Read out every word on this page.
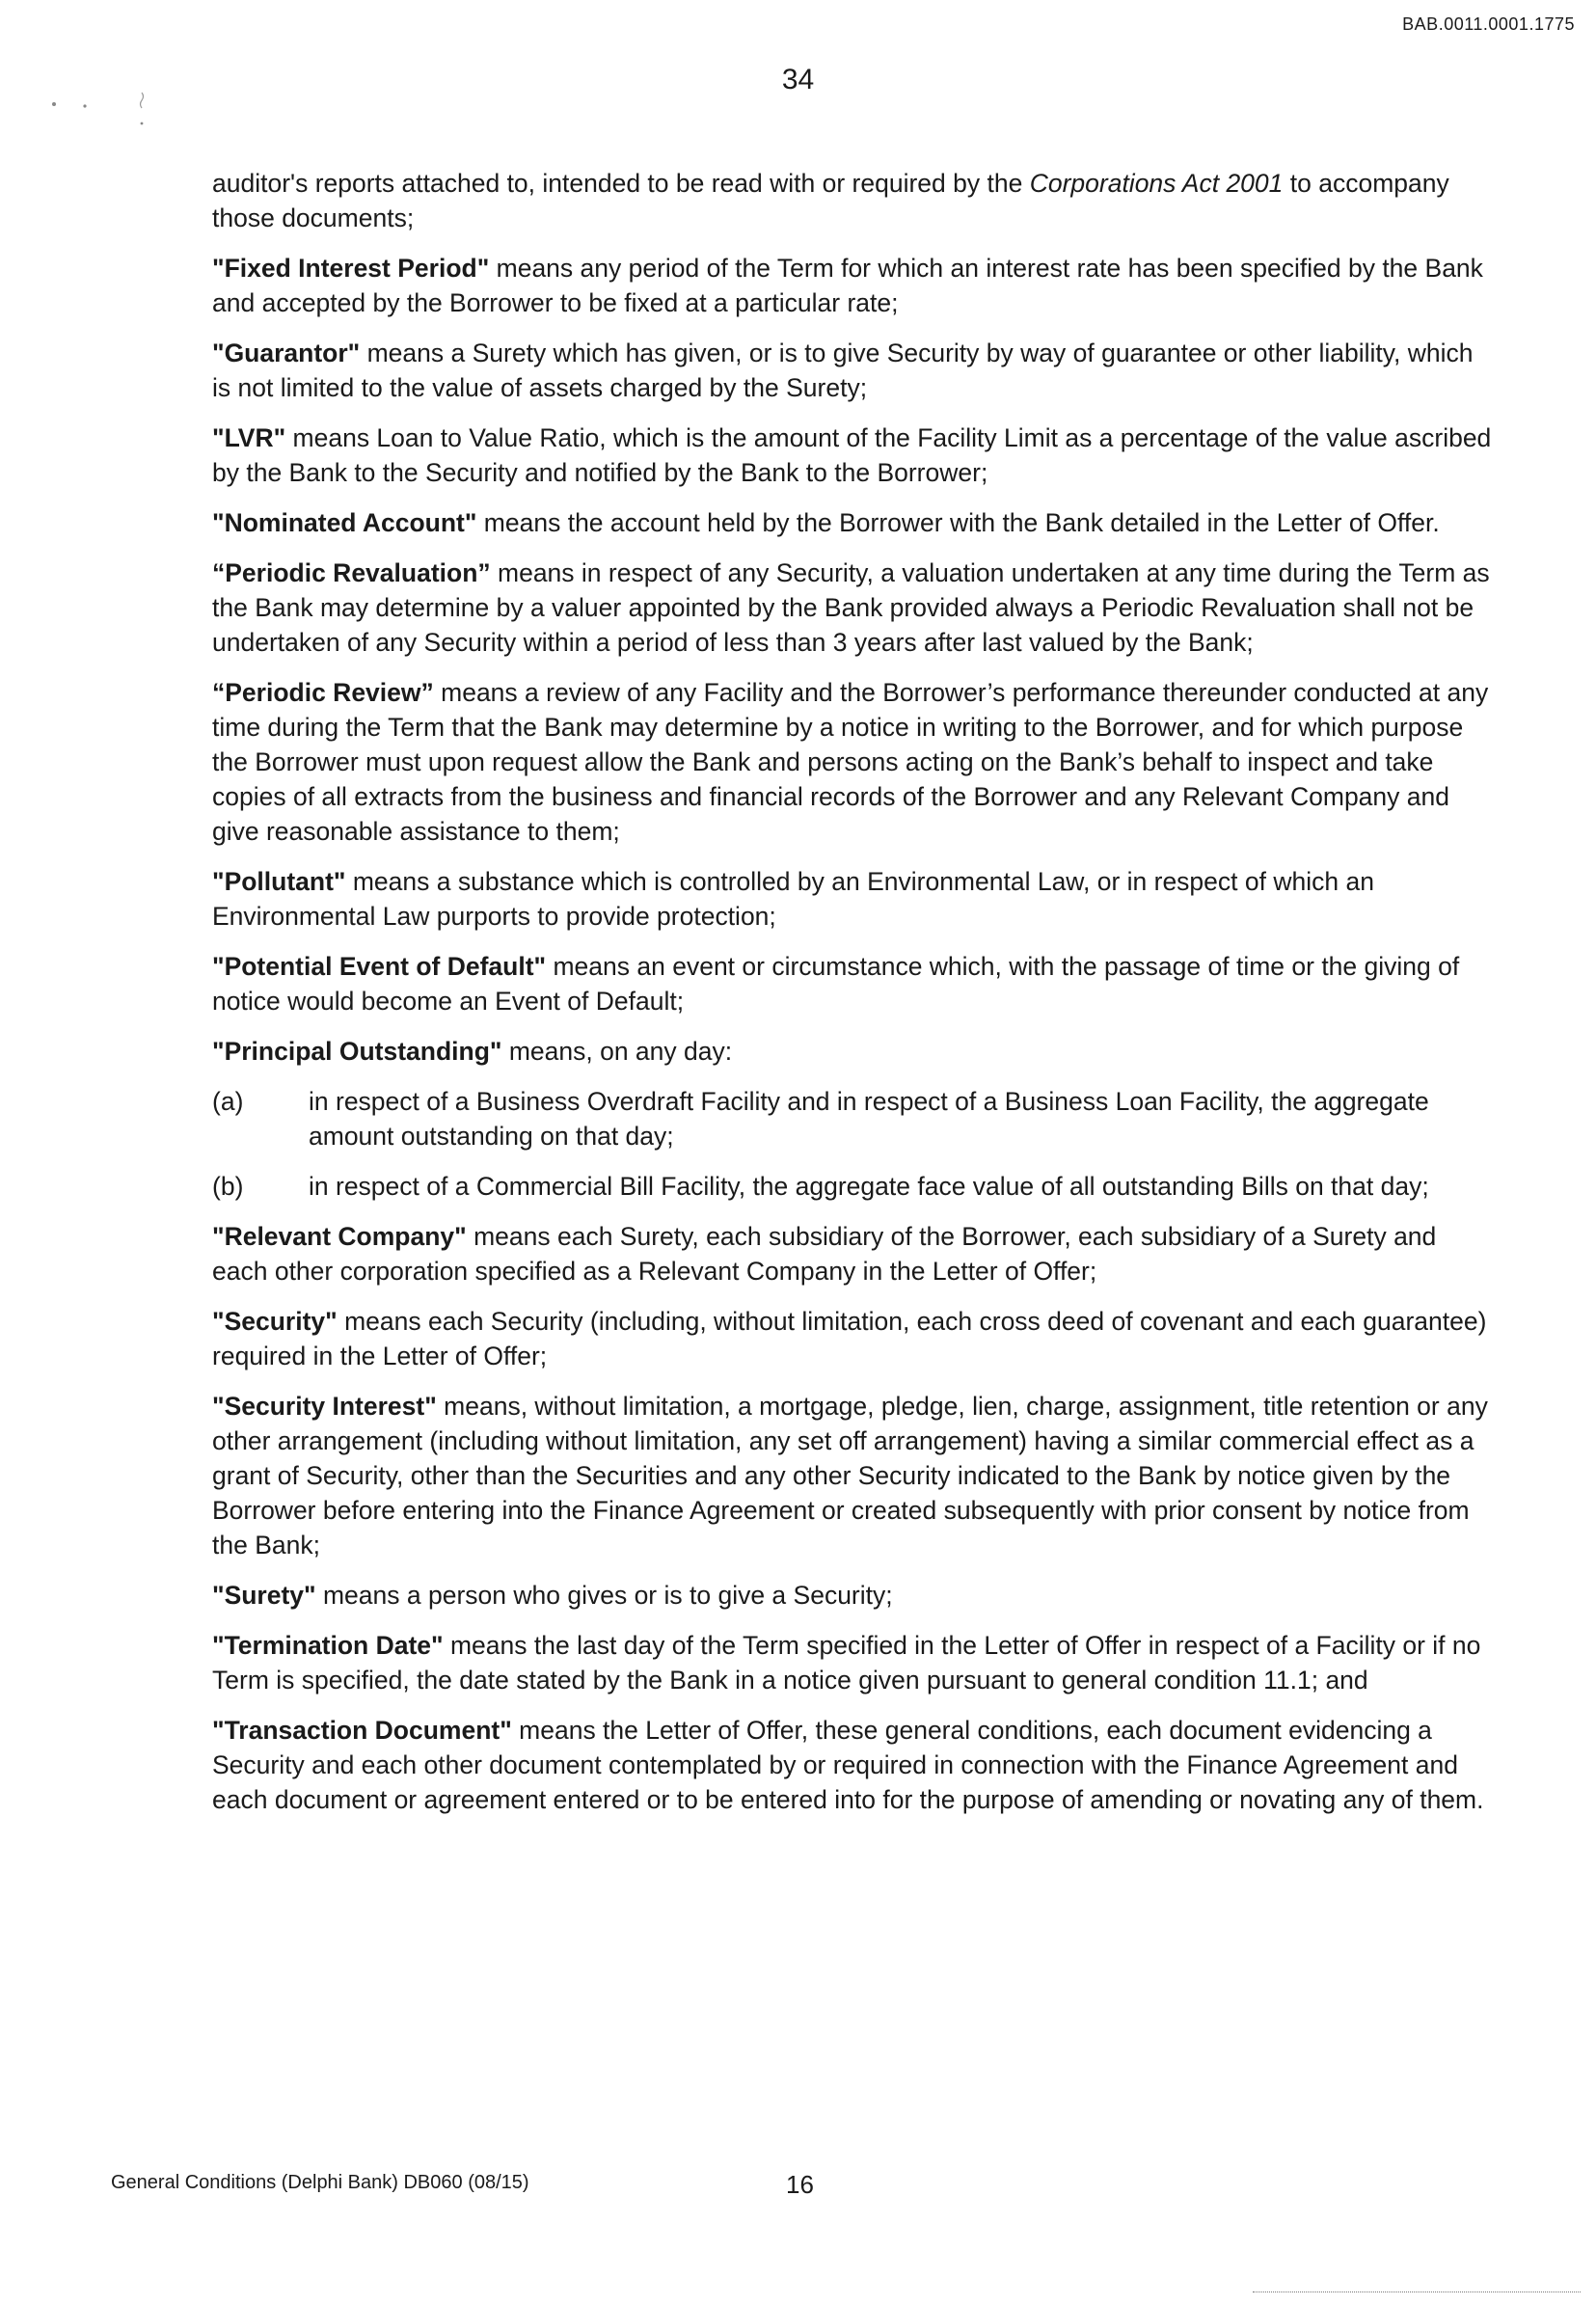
BAB.0011.0001.1775
34

auditor's reports attached to, intended to be read with or required by the Corporations Act 2001 to accompany those documents;

"Fixed Interest Period" means any period of the Term for which an interest rate has been specified by the Bank and accepted by the Borrower to be fixed at a particular rate;

"Guarantor" means a Surety which has given, or is to give Security by way of guarantee or other liability, which is not limited to the value of assets charged by the Surety;

"LVR" means Loan to Value Ratio, which is the amount of the Facility Limit as a percentage of the value ascribed by the Bank to the Security and notified by the Bank to the Borrower;

"Nominated Account" means the account held by the Borrower with the Bank detailed in the Letter of Offer.

“Periodic Revaluation” means in respect of any Security, a valuation undertaken at any time during the Term as the Bank may determine by a valuer appointed by the Bank provided always a Periodic Revaluation shall not be undertaken of any Security within a period of less than 3 years after last valued by the Bank;

“Periodic Review” means a review of any Facility and the Borrower’s performance thereunder conducted at any time during the Term that the Bank may determine by a notice in writing to the Borrower, and for which purpose the Borrower must upon request allow the Bank and persons acting on the Bank’s behalf to inspect and take copies of all extracts from the business and financial records of the Borrower and any Relevant Company and give reasonable assistance to them;

"Pollutant" means a substance which is controlled by an Environmental Law, or in respect of which an Environmental Law purports to provide protection;

"Potential Event of Default" means an event or circumstance which, with the passage of time or the giving of notice would become an Event of Default;

"Principal Outstanding" means, on any day:

(a)	in respect of a Business Overdraft Facility and in respect of a Business Loan Facility, the aggregate amount outstanding on that day;
(b)	in respect of a Commercial Bill Facility, the aggregate face value of all outstanding Bills on that day;

"Relevant Company" means each Surety, each subsidiary of the Borrower, each subsidiary of a Surety and each other corporation specified as a Relevant Company in the Letter of Offer;

"Security" means each Security (including, without limitation, each cross deed of covenant and each guarantee) required in the Letter of Offer;

"Security Interest" means, without limitation, a mortgage, pledge, lien, charge, assignment, title retention or any other arrangement (including without limitation, any set off arrangement) having a similar commercial effect as a grant of Security, other than the Securities and any other Security indicated to the Bank by notice given by the Borrower before entering into the Finance Agreement or created subsequently with prior consent by notice from the Bank;

"Surety" means a person who gives or is to give a Security;

"Termination Date" means the last day of the Term specified in the Letter of Offer in respect of a Facility or if no Term is specified, the date stated by the Bank in a notice given pursuant to general condition 11.1; and

"Transaction Document" means the Letter of Offer, these general conditions, each document evidencing a Security and each other document contemplated by or required in connection with the Finance Agreement and each document or agreement entered or to be entered into for the purpose of amending or novating any of them.

General Conditions (Delphi Bank) DB060 (08/15)	16
